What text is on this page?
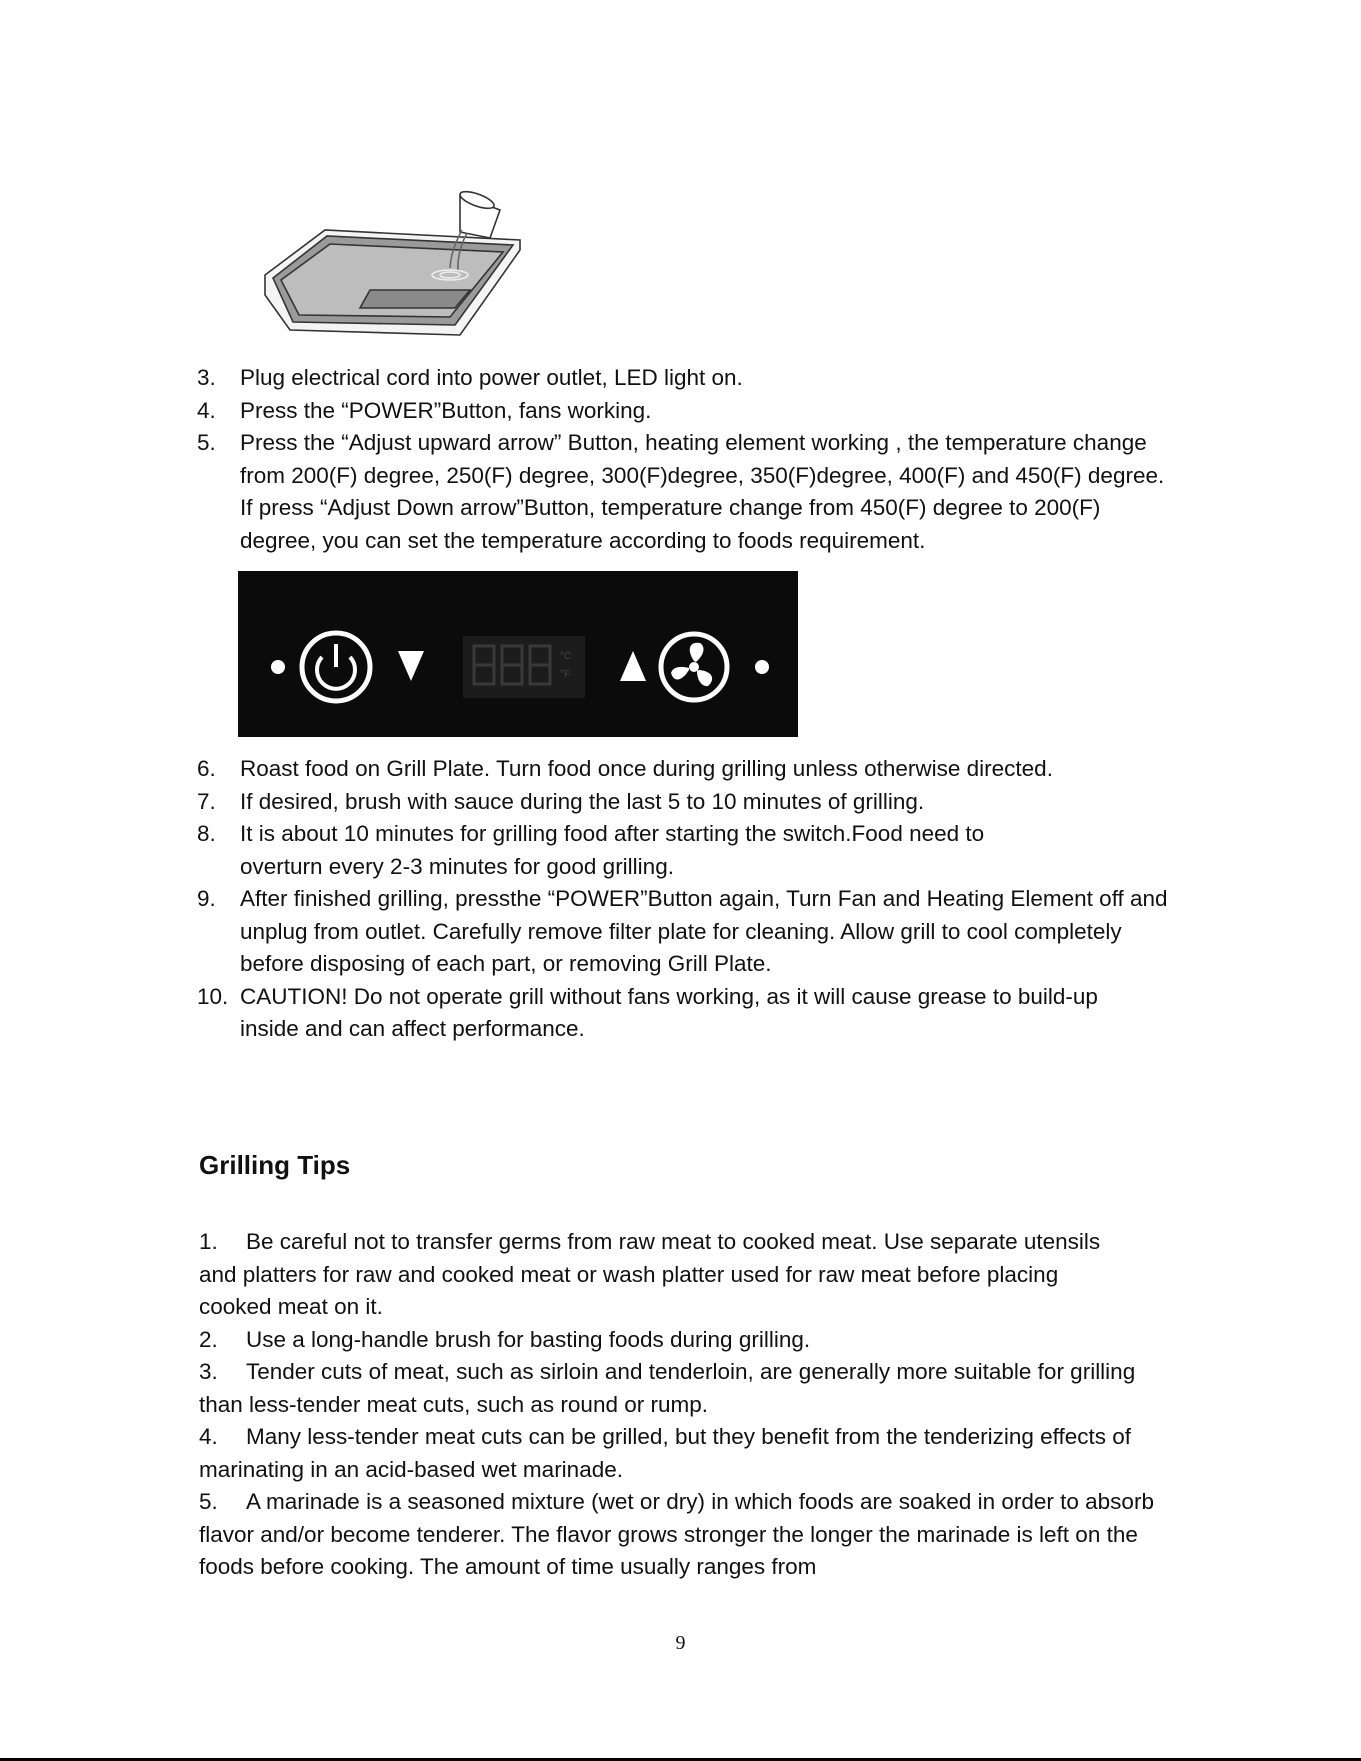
3. Plug electrical cord into power outlet, LED light on.
4. Press the “POWER”Button, fans working.
5. Press the “Adjust upward arrow” Button, heating element working , the temperature change from 200(F) degree, 250(F) degree, 300(F)degree, 350(F)degree, 400(F) and 450(F) degree. If press “Adjust Down arrow”Button, temperature change from 450(F) degree to 200(F) degree, you can set the temperature according to foods requirement.
°C
°F
888
6. Roast food on Grill Plate. Turn food once during grilling unless otherwise directed.
7. If desired, brush with sauce during the last 5 to 10 minutes of grilling.
8. It is about 10 minutes for grilling food after starting the switch.Food need to overturn every 2-3 minutes for good grilling.
9. After finished grilling, pressthe “POWER”Button again, Turn Fan and Heating Element off and unplug from outlet. Carefully remove filter plate for cleaning. Allow grill to cool completely before disposing of each part, or removing Grill Plate.
10. CAUTION! Do not operate grill without fans working, as it will cause grease to build-up inside and can affect performance.
Grilling Tips

1. Be careful not to transfer germs from raw meat to cooked meat. Use separate utensils and platters for raw and cooked meat or wash platter used for raw meat before placing cooked meat on it.

2. Use a long-handle brush for basting foods during grilling.

3. Tender cuts of meat, such as sirloin and tenderloin, are generally more suitable for grilling than less-tender meat cuts, such as round or rump.

4. Many less-tender meat cuts can be grilled, but they benefit from the tenderizing effects of marinating in an acid-based wet marinade.

5. A marinade is a seasoned mixture (wet or dry) in which foods are soaked in order to absorb flavor and/or become tenderer. The flavor grows stronger the longer the marinade is left on the foods before cooking. The amount of time usually ranges from

9
